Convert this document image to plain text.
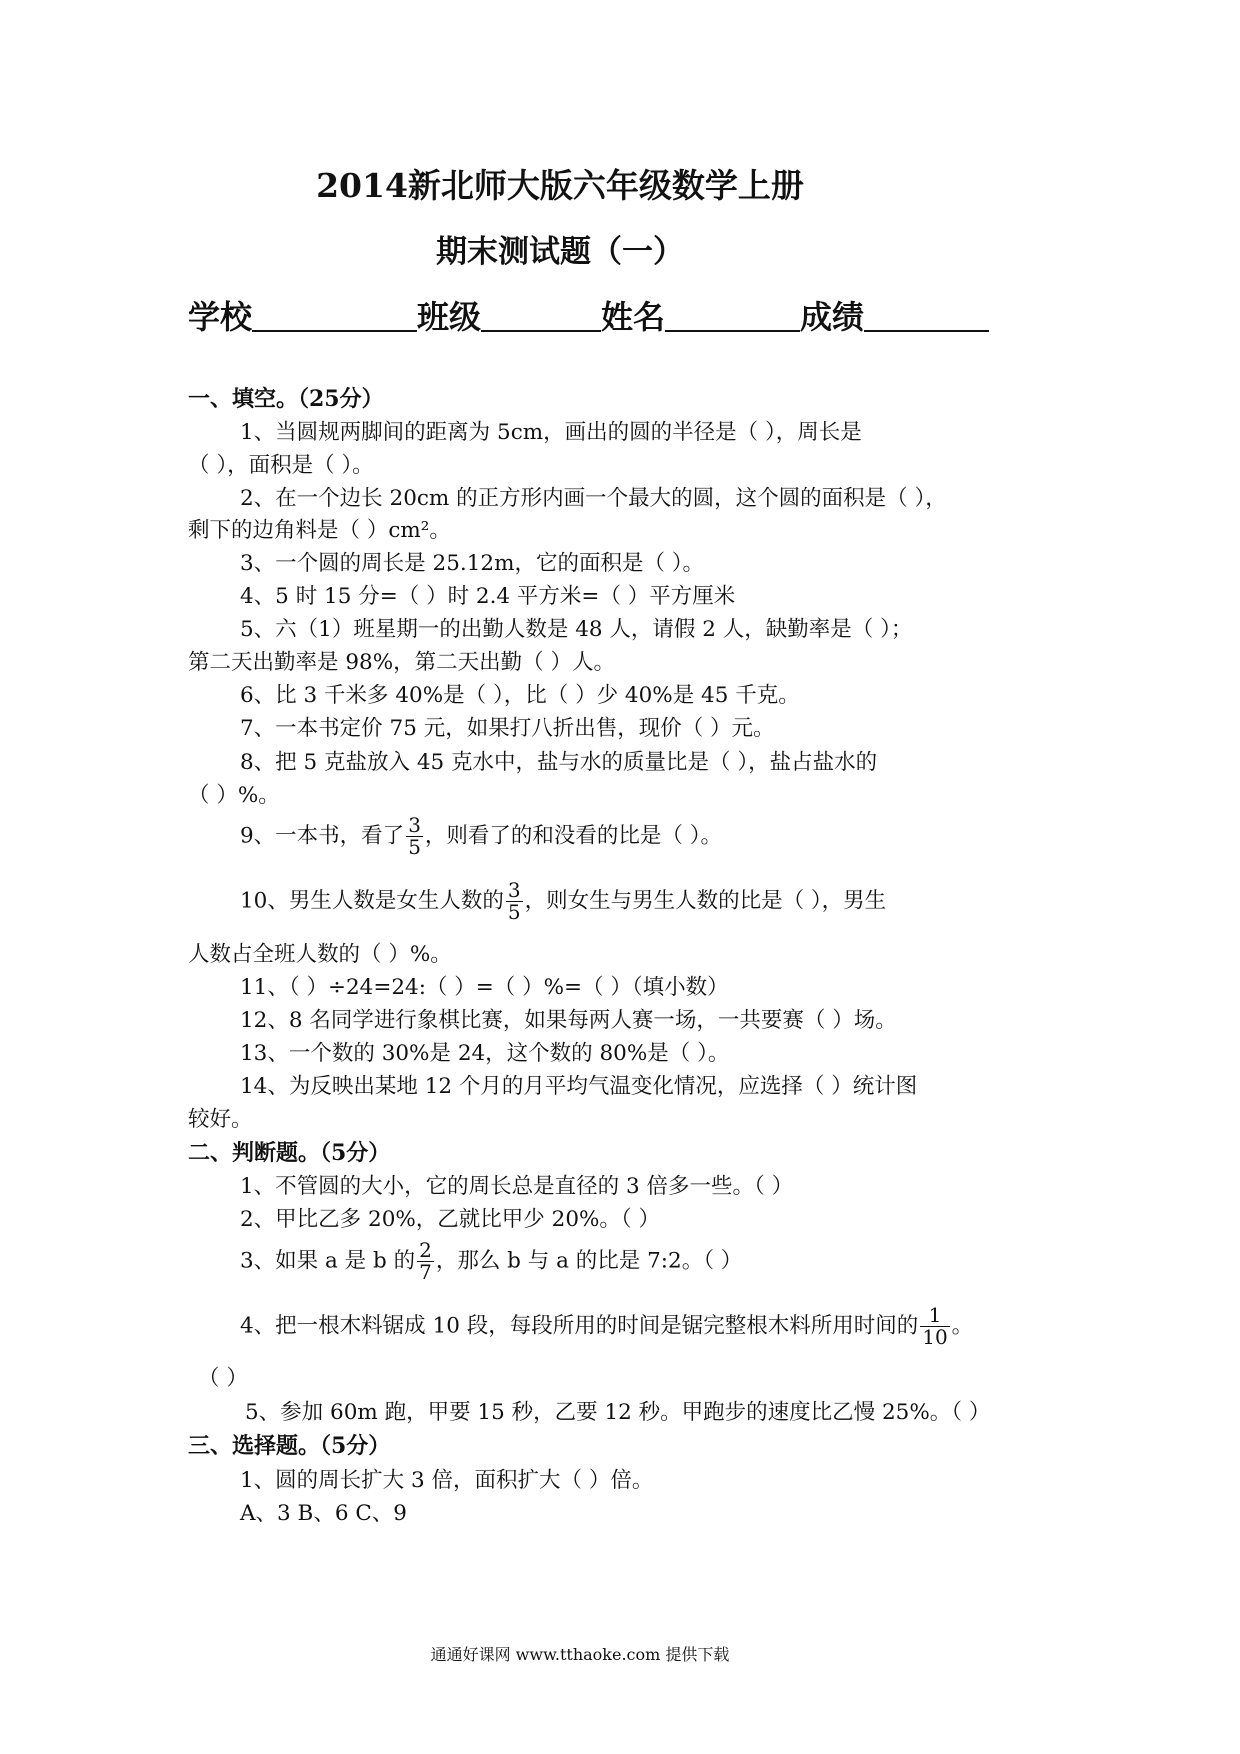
2014新北师大版六年级数学上册
期末测试题（一）
学校	班级	姓名	成绩
一、填空。（25分）
1、当圆规两脚间的距离为 5cm，画出的圆的半径是（ ），周长是
（ ），面积是（ ）。
2、在一个边长 20cm 的正方形内画一个最大的圆，这个圆的面积是（ ），
剩下的边角料是（ ）cm²。
3、一个圆的周长是 25.12m，它的面积是（ ）。
4、5 时 15 分=（ ）时 2.4 平方米=（ ）平方厘米
5、六（1）班星期一的出勤人数是 48 人，请假 2 人，缺勤率是（ ）；
第二天出勤率是 98%，第二天出勤（ ）人。
6、比 3 千米多 40%是（ ），比（ ）少 40%是 45 千克。
7、一本书定价 75 元，如果打八折出售，现价（ ）元。
8、把 5 克盐放入 45 克水中，盐与水的质量比是（ ），盐占盐水的
（ ）%。
9、一本书，看了 $\frac{3}{5}$ ，则看了的和没看的比是（ ）。
10、男生人数是女生人数的 $\frac{3}{5}$ ，则女生与男生人数的比是（ ），男生
人数占全班人数的（ ）%。
11、（ ）÷24=24:（ ）=（ ）%=（ ）（填小数）
12、8 名同学进行象棋比赛，如果每两人赛一场，一共要赛（ ）场。
13、一个数的 30%是 24，这个数的 80%是（ ）。
14、为反映出某地 12 个月的月平均气温变化情况，应选择（ ）统计图
较好。
二、判断题。（5分）
1、不管圆的大小，它的周长总是直径的 3 倍多一些。（ ）
2、甲比乙多 20%，乙就比甲少 20%。（ ）
3、如果 a 是 b 的 $\frac{2}{7}$ ，那么 b 与 a 的比是 7:2。（ ）
4、把一根木料锯成 10 段，每段所用的时间是锯完整根木料所用时间的 $\frac{1}{10}$ 。
（ ）
5、参加 60m 跑，甲要 15 秒，乙要 12 秒。甲跑步的速度比乙慢 25%。（ ）
三、选择题。（5分）
1、圆的周长扩大 3 倍，面积扩大（ ）倍。
A、3 B、6 C、9
通通好课网 www.tthaoke.com 提供下载
